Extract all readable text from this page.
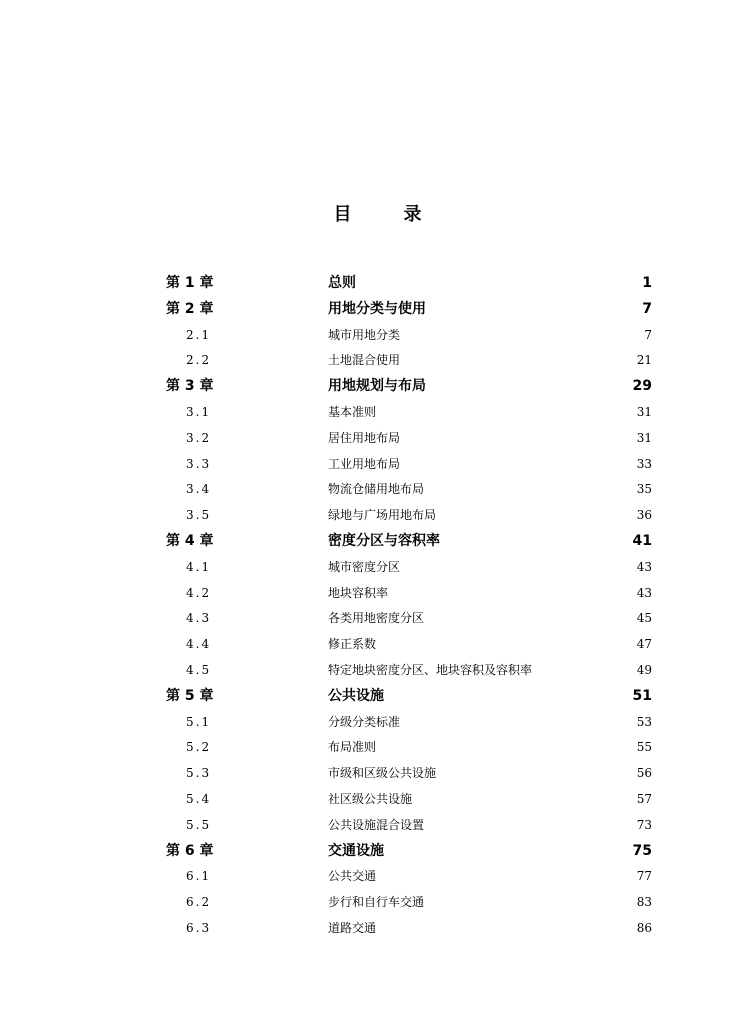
目	录
第 1 章	总则	1
第 2 章	用地分类与使用	7
2.1	城市用地分类	7
2.2	土地混合使用	21
第 3 章	用地规划与布局	29
3.1	基本准则	31
3.2	居住用地布局	31
3.3	工业用地布局	33
3.4	物流仓储用地布局	35
3.5	绿地与广场用地布局	36
第 4 章	密度分区与容积率	41
4.1	城市密度分区	43
4.2	地块容积率	43
4.3	各类用地密度分区	45
4.4	修正系数	47
4.5	特定地块密度分区、地块容积及容积率	49
第 5 章	公共设施	51
5.1	分级分类标准	53
5.2	布局准则	55
5.3	市级和区级公共设施	56
5.4	社区级公共设施	57
5.5	公共设施混合设置	73
第 6 章	交通设施	75
6.1	公共交通	77
6.2	步行和自行车交通	83
6.3	道路交通	86
